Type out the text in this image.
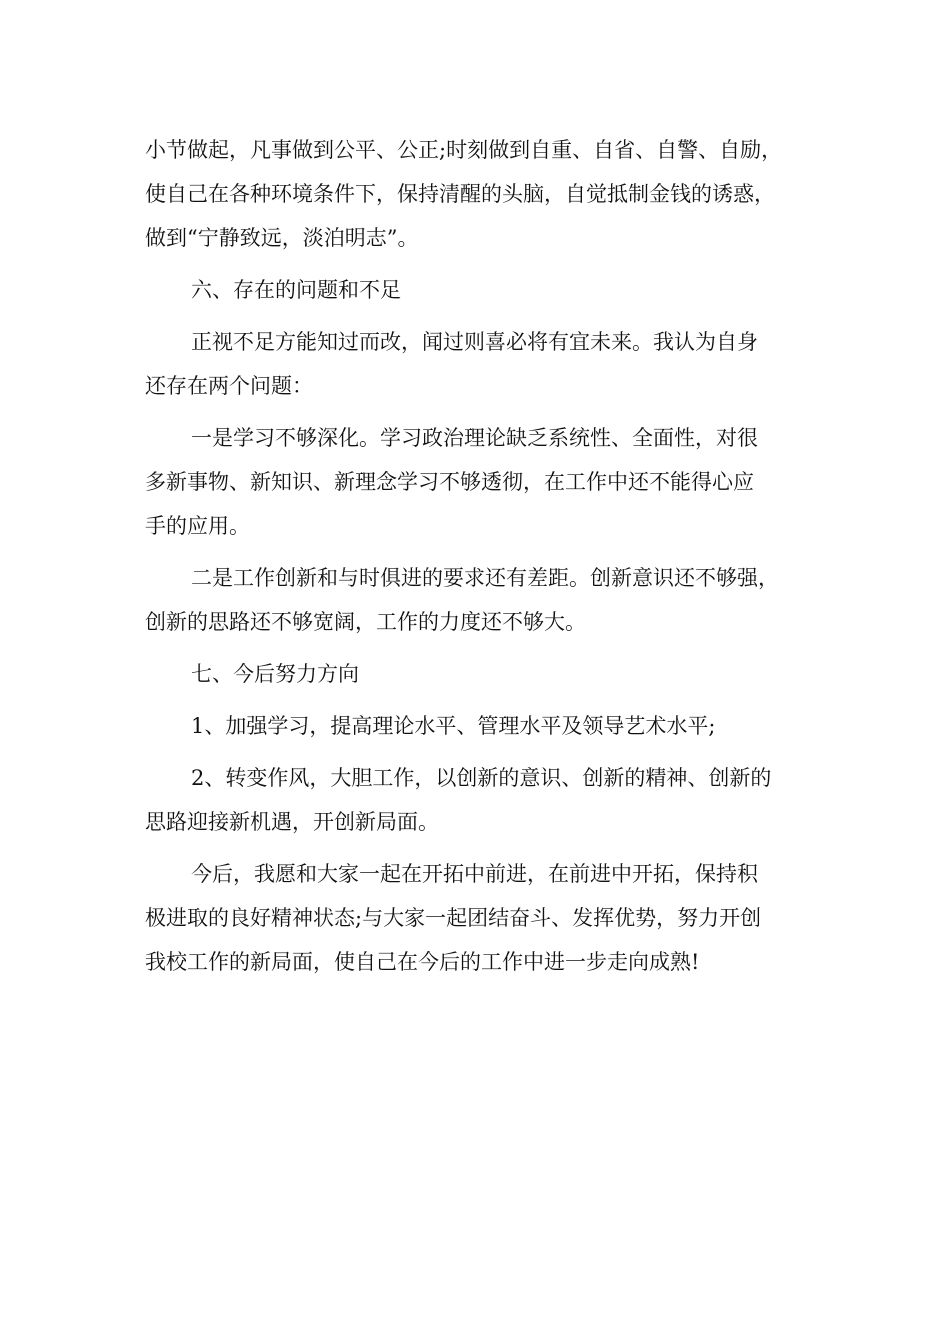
小节做起，凡事做到公平、公正;时刻做到自重、自省、自警、自励，
使自己在各种环境条件下，保持清醒的头脑，自觉抵制金钱的诱惑，
做到“宁静致远，淡泊明志”。

六、存在的问题和不足

正视不足方能知过而改，闻过则喜必将有宜未来。我认为自身
还存在两个问题：

一是学习不够深化。学习政治理论缺乏系统性、全面性，对很
多新事物、新知识、新理念学习不够透彻，在工作中还不能得心应
手的应用。

二是工作创新和与时俱进的要求还有差距。创新意识还不够强，
创新的思路还不够宽阔，工作的力度还不够大。

七、今后努力方向

1、加强学习，提高理论水平、管理水平及领导艺术水平;

2、转变作风，大胆工作，以创新的意识、创新的精神、创新的
思路迎接新机遇，开创新局面。

今后，我愿和大家一起在开拓中前进，在前进中开拓，保持积
极进取的良好精神状态;与大家一起团结奋斗、发挥优势，努力开创
我校工作的新局面，使自己在今后的工作中进一步走向成熟!
